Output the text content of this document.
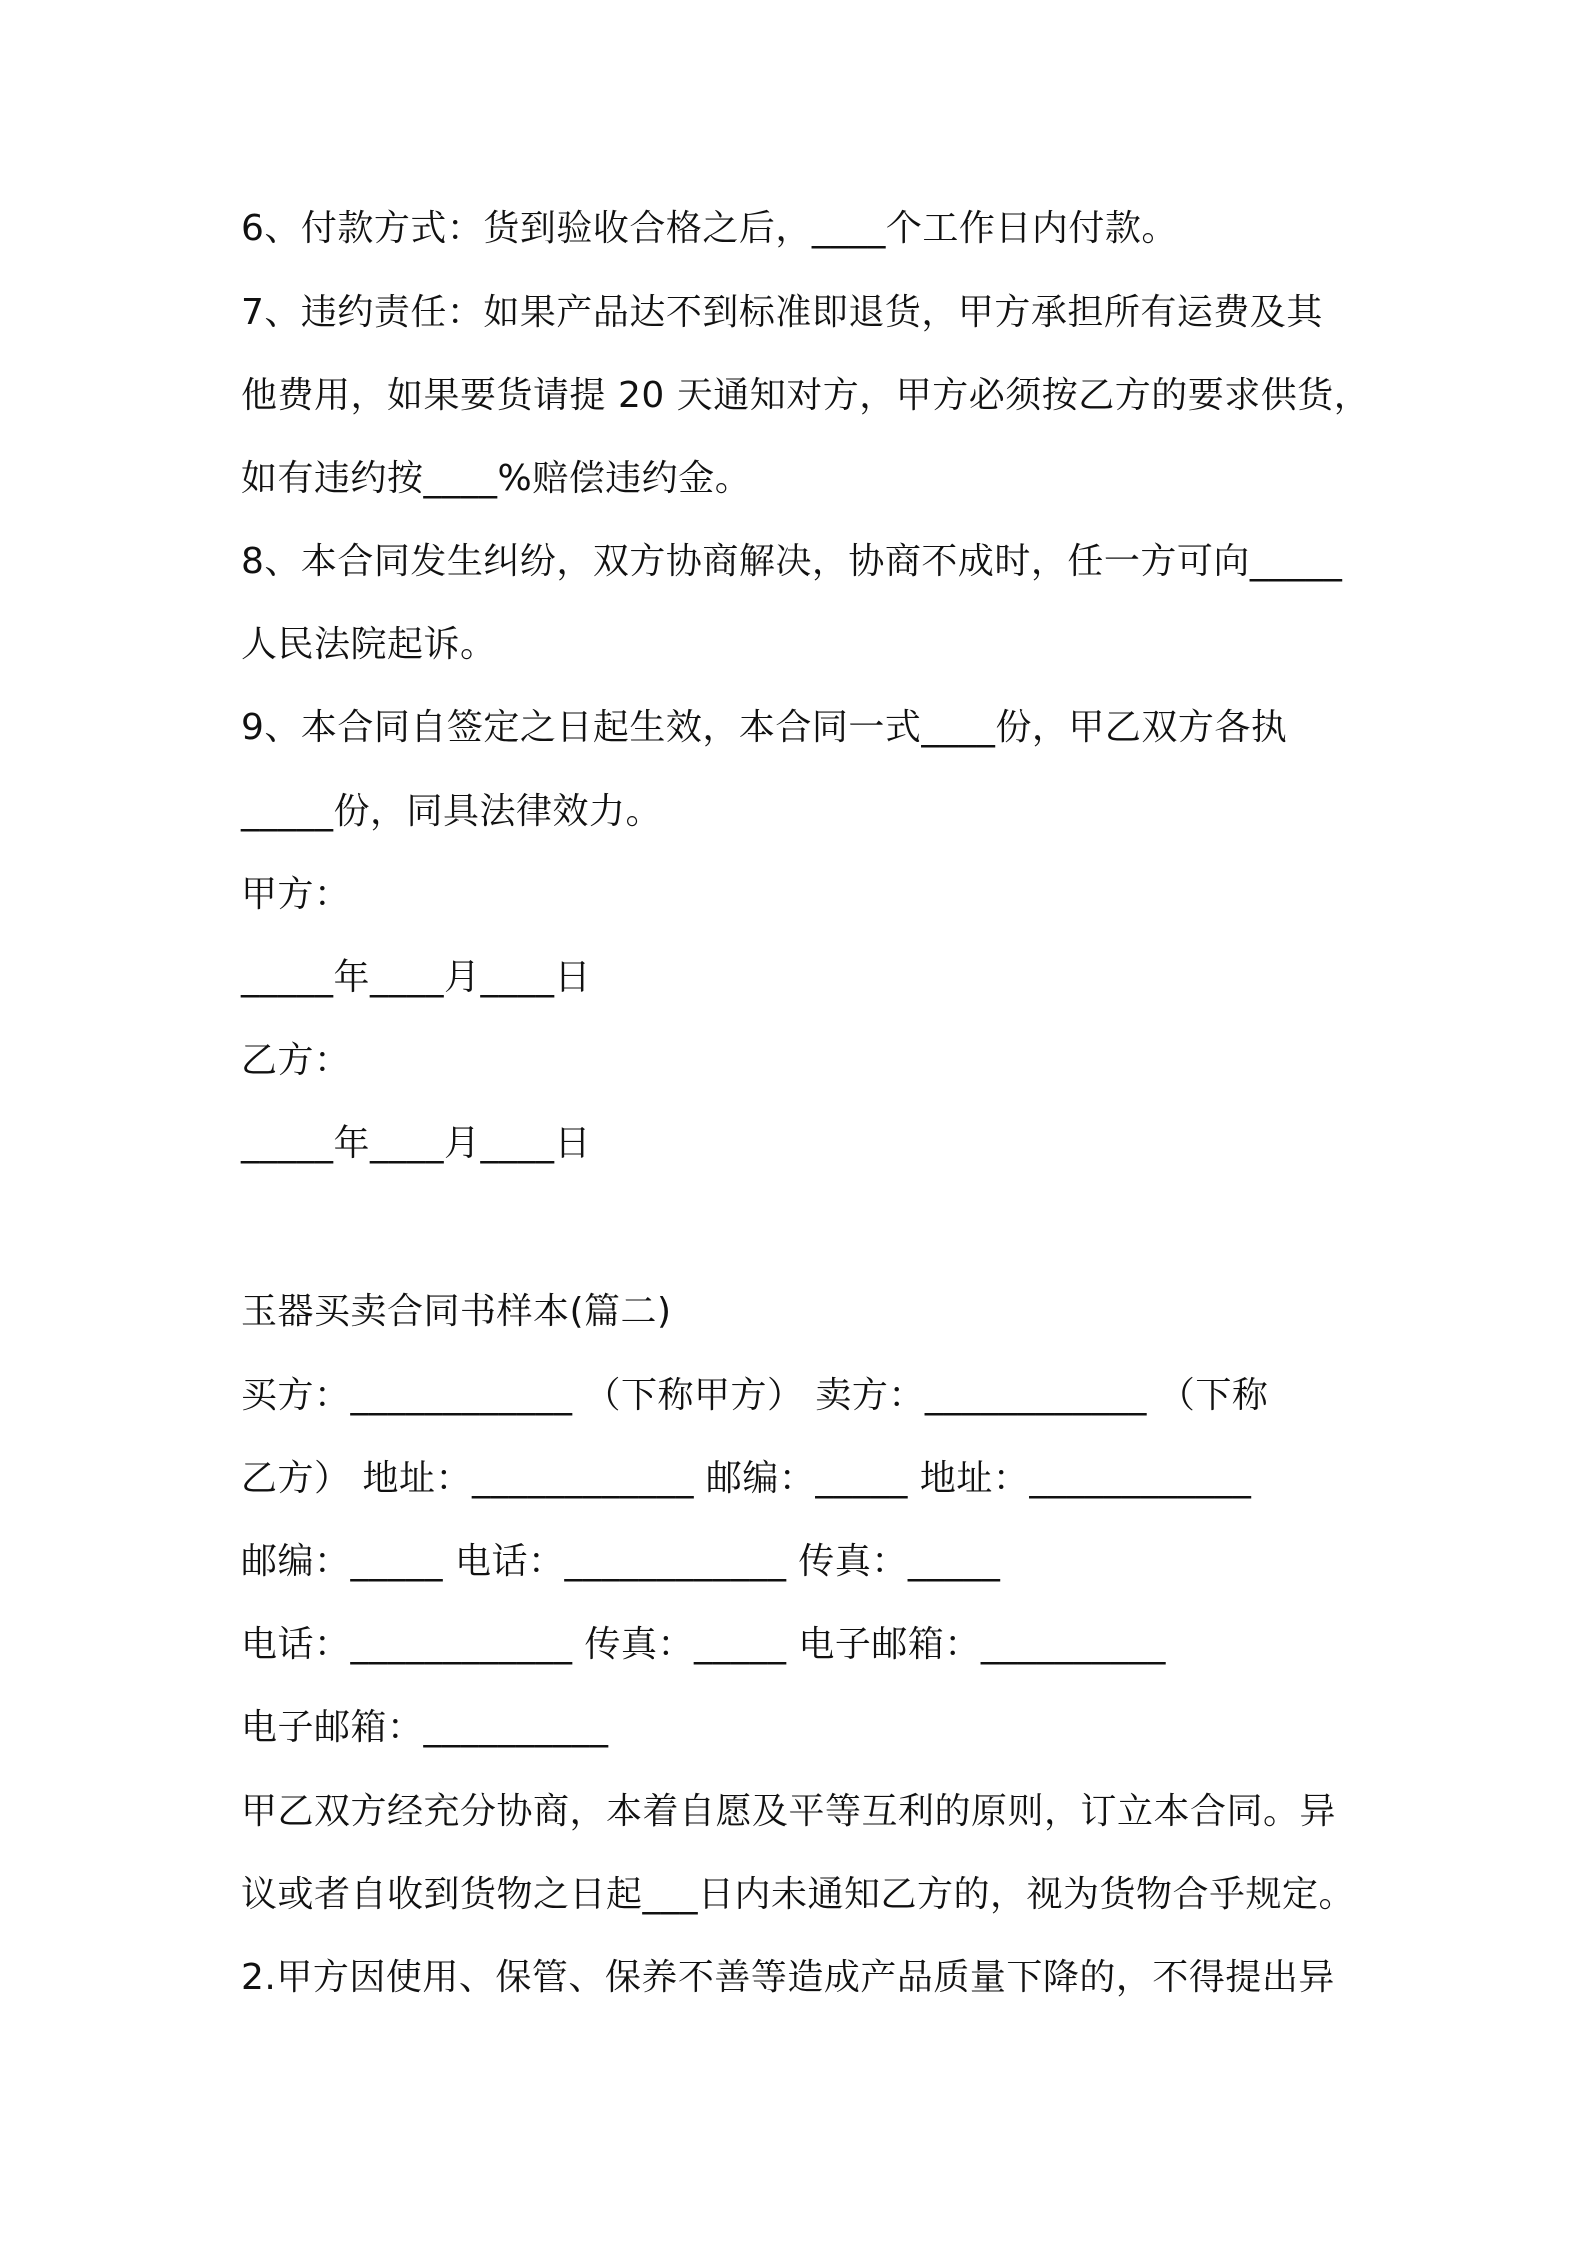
6、付款方式：货到验收合格之后，____个工作日内付款。
7、违约责任：如果产品达不到标准即退货，甲方承担所有运费及其
他费用，如果要货请提 20 天通知对方，甲方必须按乙方的要求供货，
如有违约按____%赔偿违约金。
8、本合同发生纠纷，双方协商解决，协商不成时，任一方可向_____
人民法院起诉。
9、本合同自签定之日起生效，本合同一式____份，甲乙双方各执
_____份，同具法律效力。
甲方：
_____年____月____日
乙方：
_____年____月____日
玉器买卖合同书样本(篇二)
买方：____________ （下称甲方） 卖方：____________ （下称
乙方） 地址：____________ 邮编：_____ 地址：____________
邮编：_____ 电话：____________ 传真：_____
电话：____________ 传真：_____ 电子邮箱：__________
电子邮箱：__________
甲乙双方经充分协商，本着自愿及平等互利的原则，订立本合同。异
议或者自收到货物之日起___日内未通知乙方的，视为货物合乎规定。
2.甲方因使用、保管、保养不善等造成产品质量下降的，不得提出异
